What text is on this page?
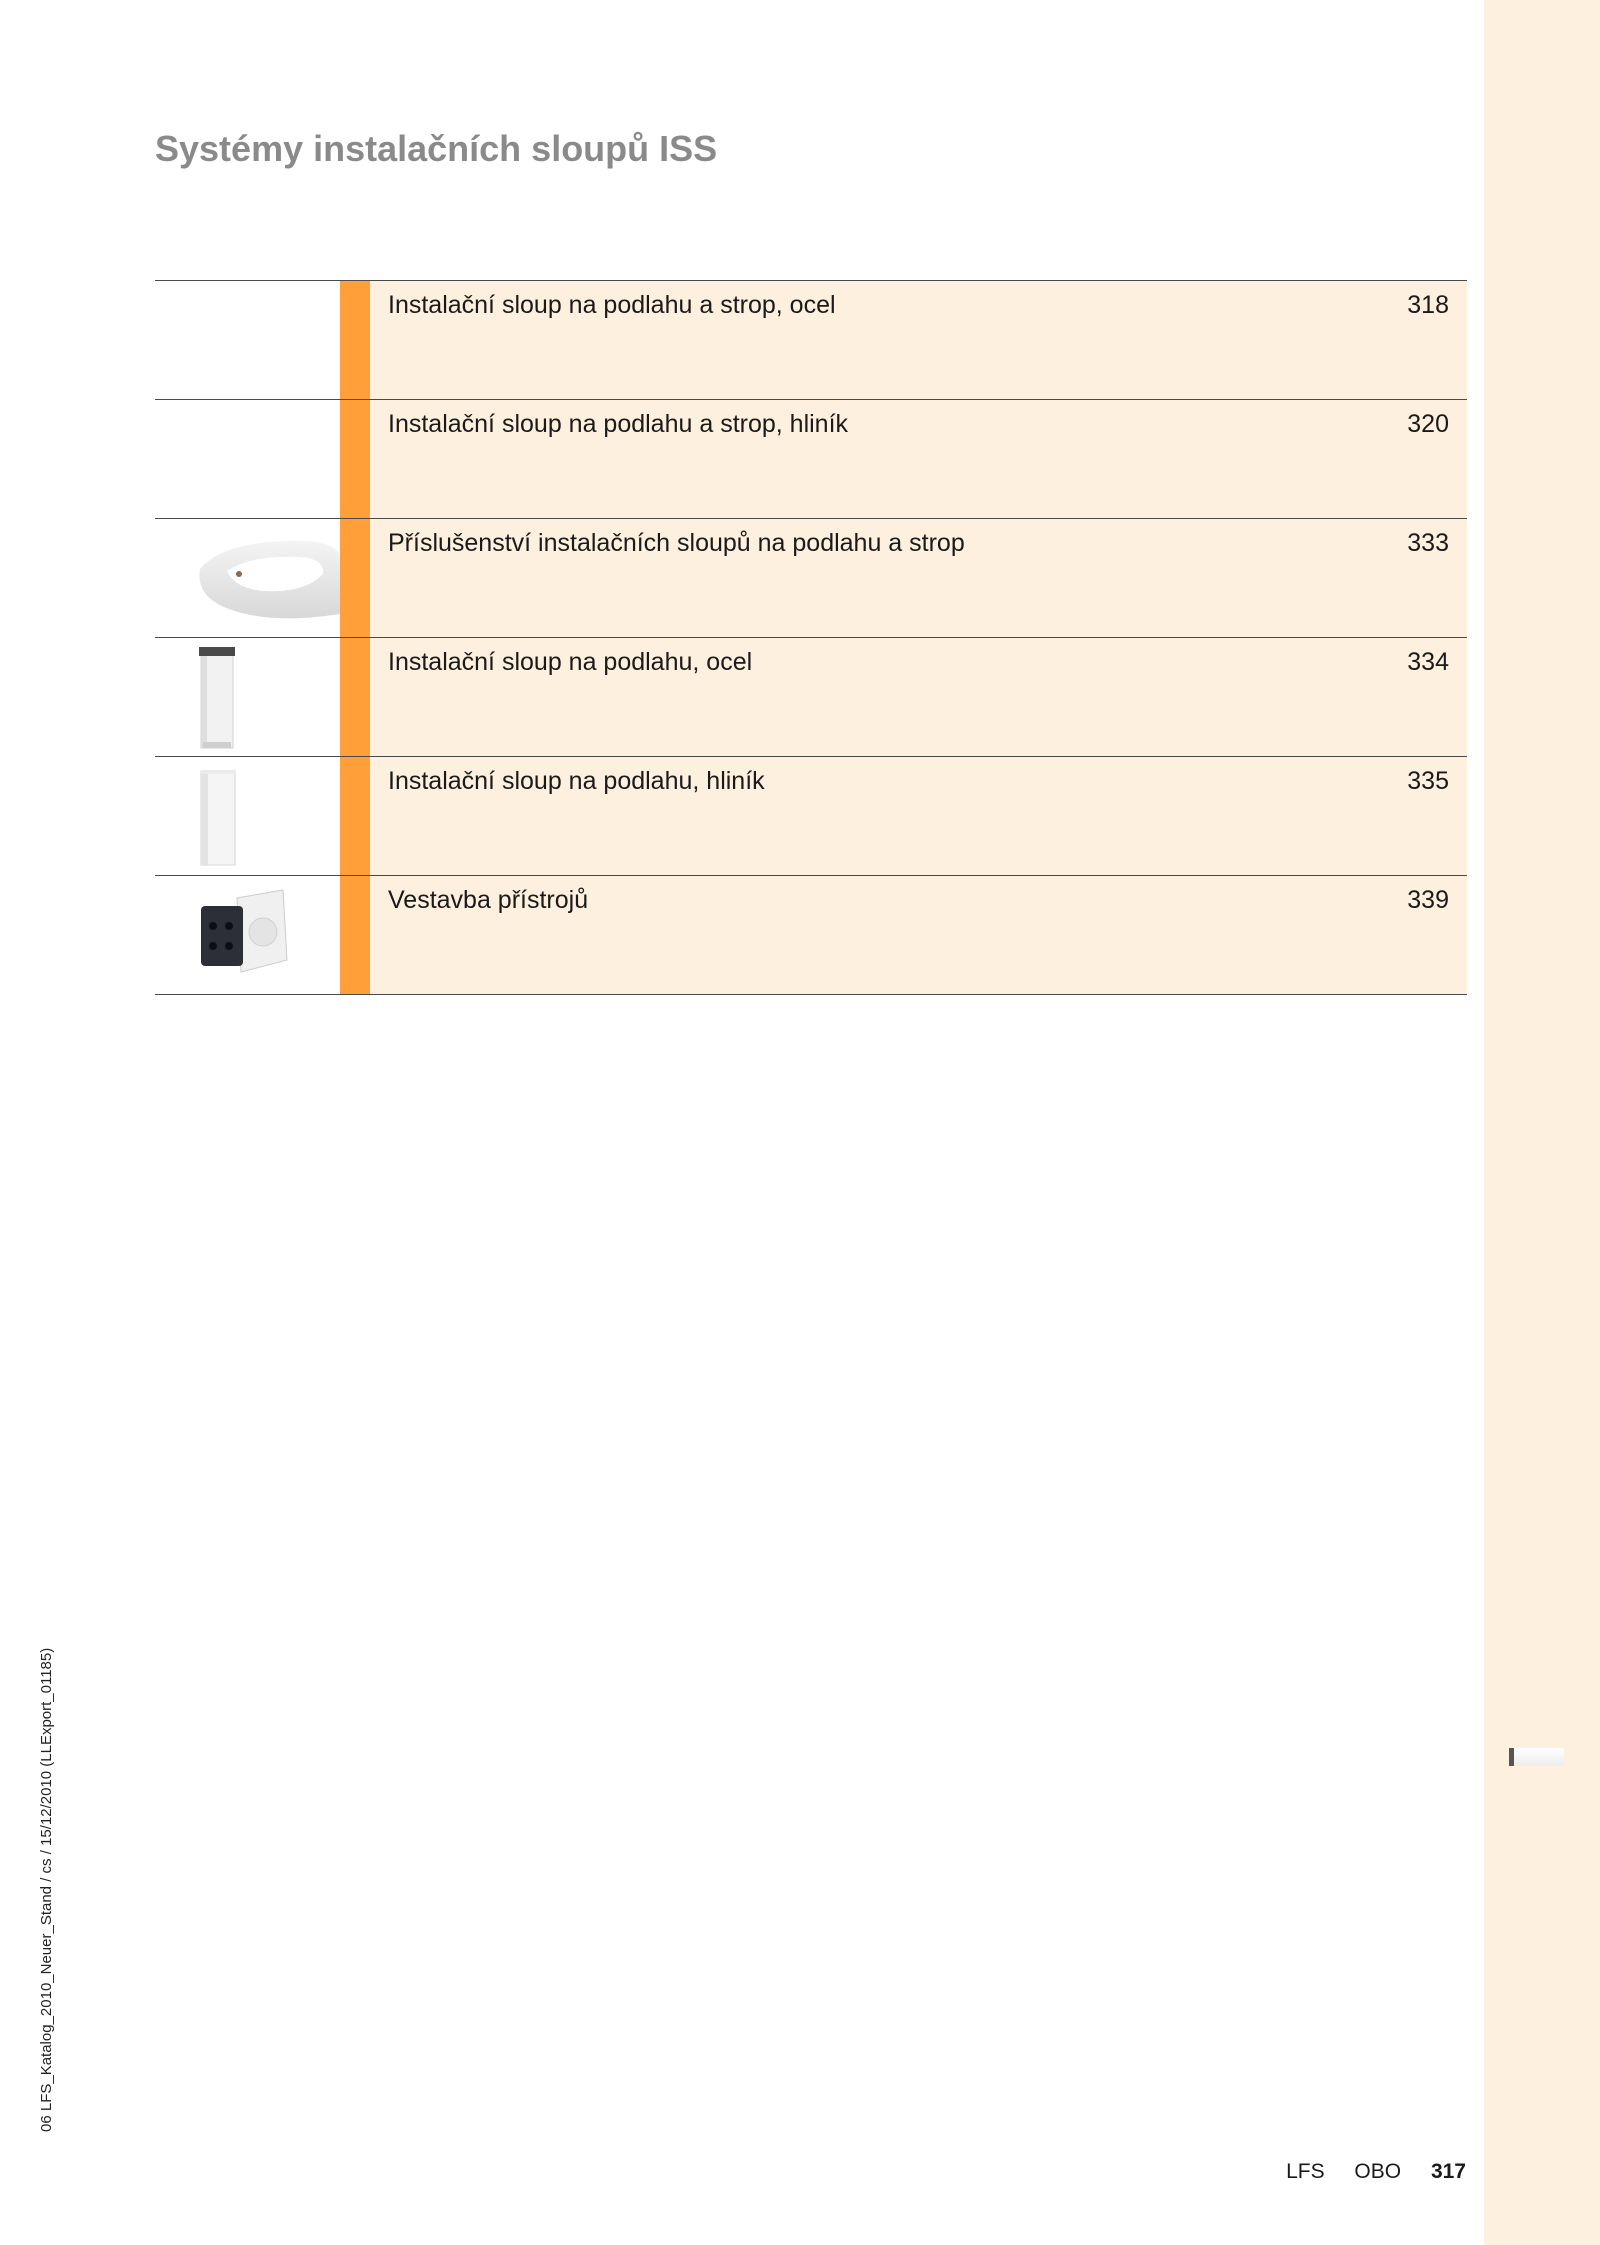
Systémy instalačních sloupů ISS
Instalační sloup na podlahu a strop, ocel	318
Instalační sloup na podlahu a strop, hliník	320
Příslušenství instalačních sloupů na podlahu a strop	333
Instalační sloup na podlahu, ocel	334
Instalační sloup na podlahu, hliník	335
Vestavba přístrojů	339
06 LFS_Katalog_2010_Neuer_Stand / cs / 15/12/2010 (LLExport_01185)
LFS OBO 317
